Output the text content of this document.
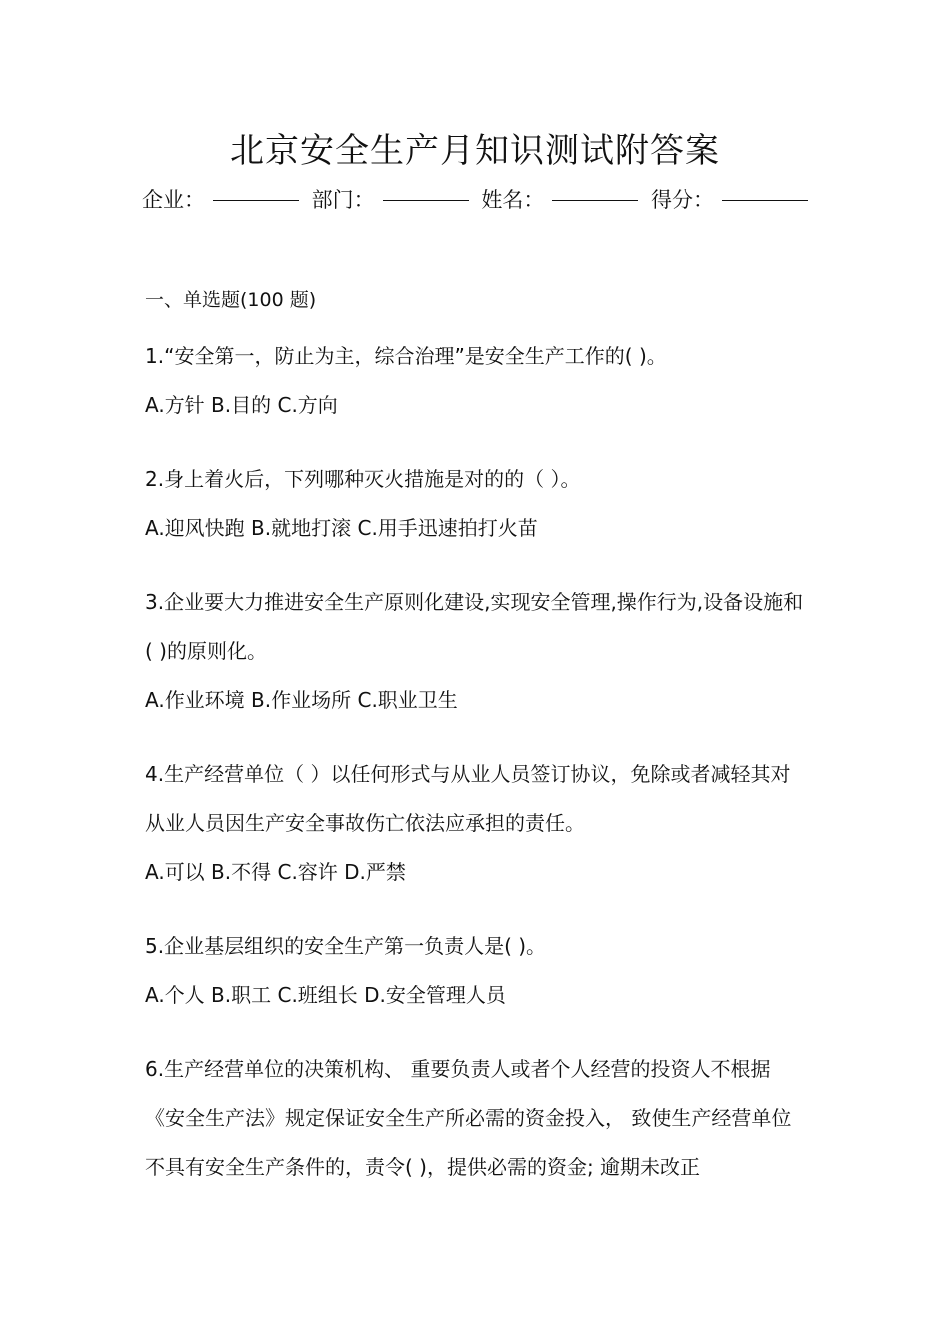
北京安全生产月知识测试附答案
企业：	部门：	姓名：	得分：
一、单选题(100 题)

1.“安全第一，防止为主，综合治理”是安全生产工作的( )。

A.方针 B.目的 C.方向

2.身上着火后，下列哪种灭火措施是对的的（ ）。

A.迎风快跑 B.就地打滚 C.用手迅速拍打火苗

3.企业要大力推进安全生产原则化建设,实现安全管理,操作行为,设备设施和( )的原则化。

A.作业环境 B.作业场所 C.职业卫生

4.生产经营单位（ ）以任何形式与从业人员签订协议，免除或者减轻其对从业人员因生产安全事故伤亡依法应承担的责任。

A.可以 B.不得 C.容许 D.严禁

5.企业基层组织的安全生产第一负责人是( )。

A.个人 B.职工 C.班组长 D.安全管理人员

6.生产经营单位的决策机构、 重要负责人或者个人经营的投资人不根据《安全生产法》规定保证安全生产所必需的资金投入， 致使生产经营单位不具有安全生产条件的，责令( )，提供必需的资金; 逾期未改正
